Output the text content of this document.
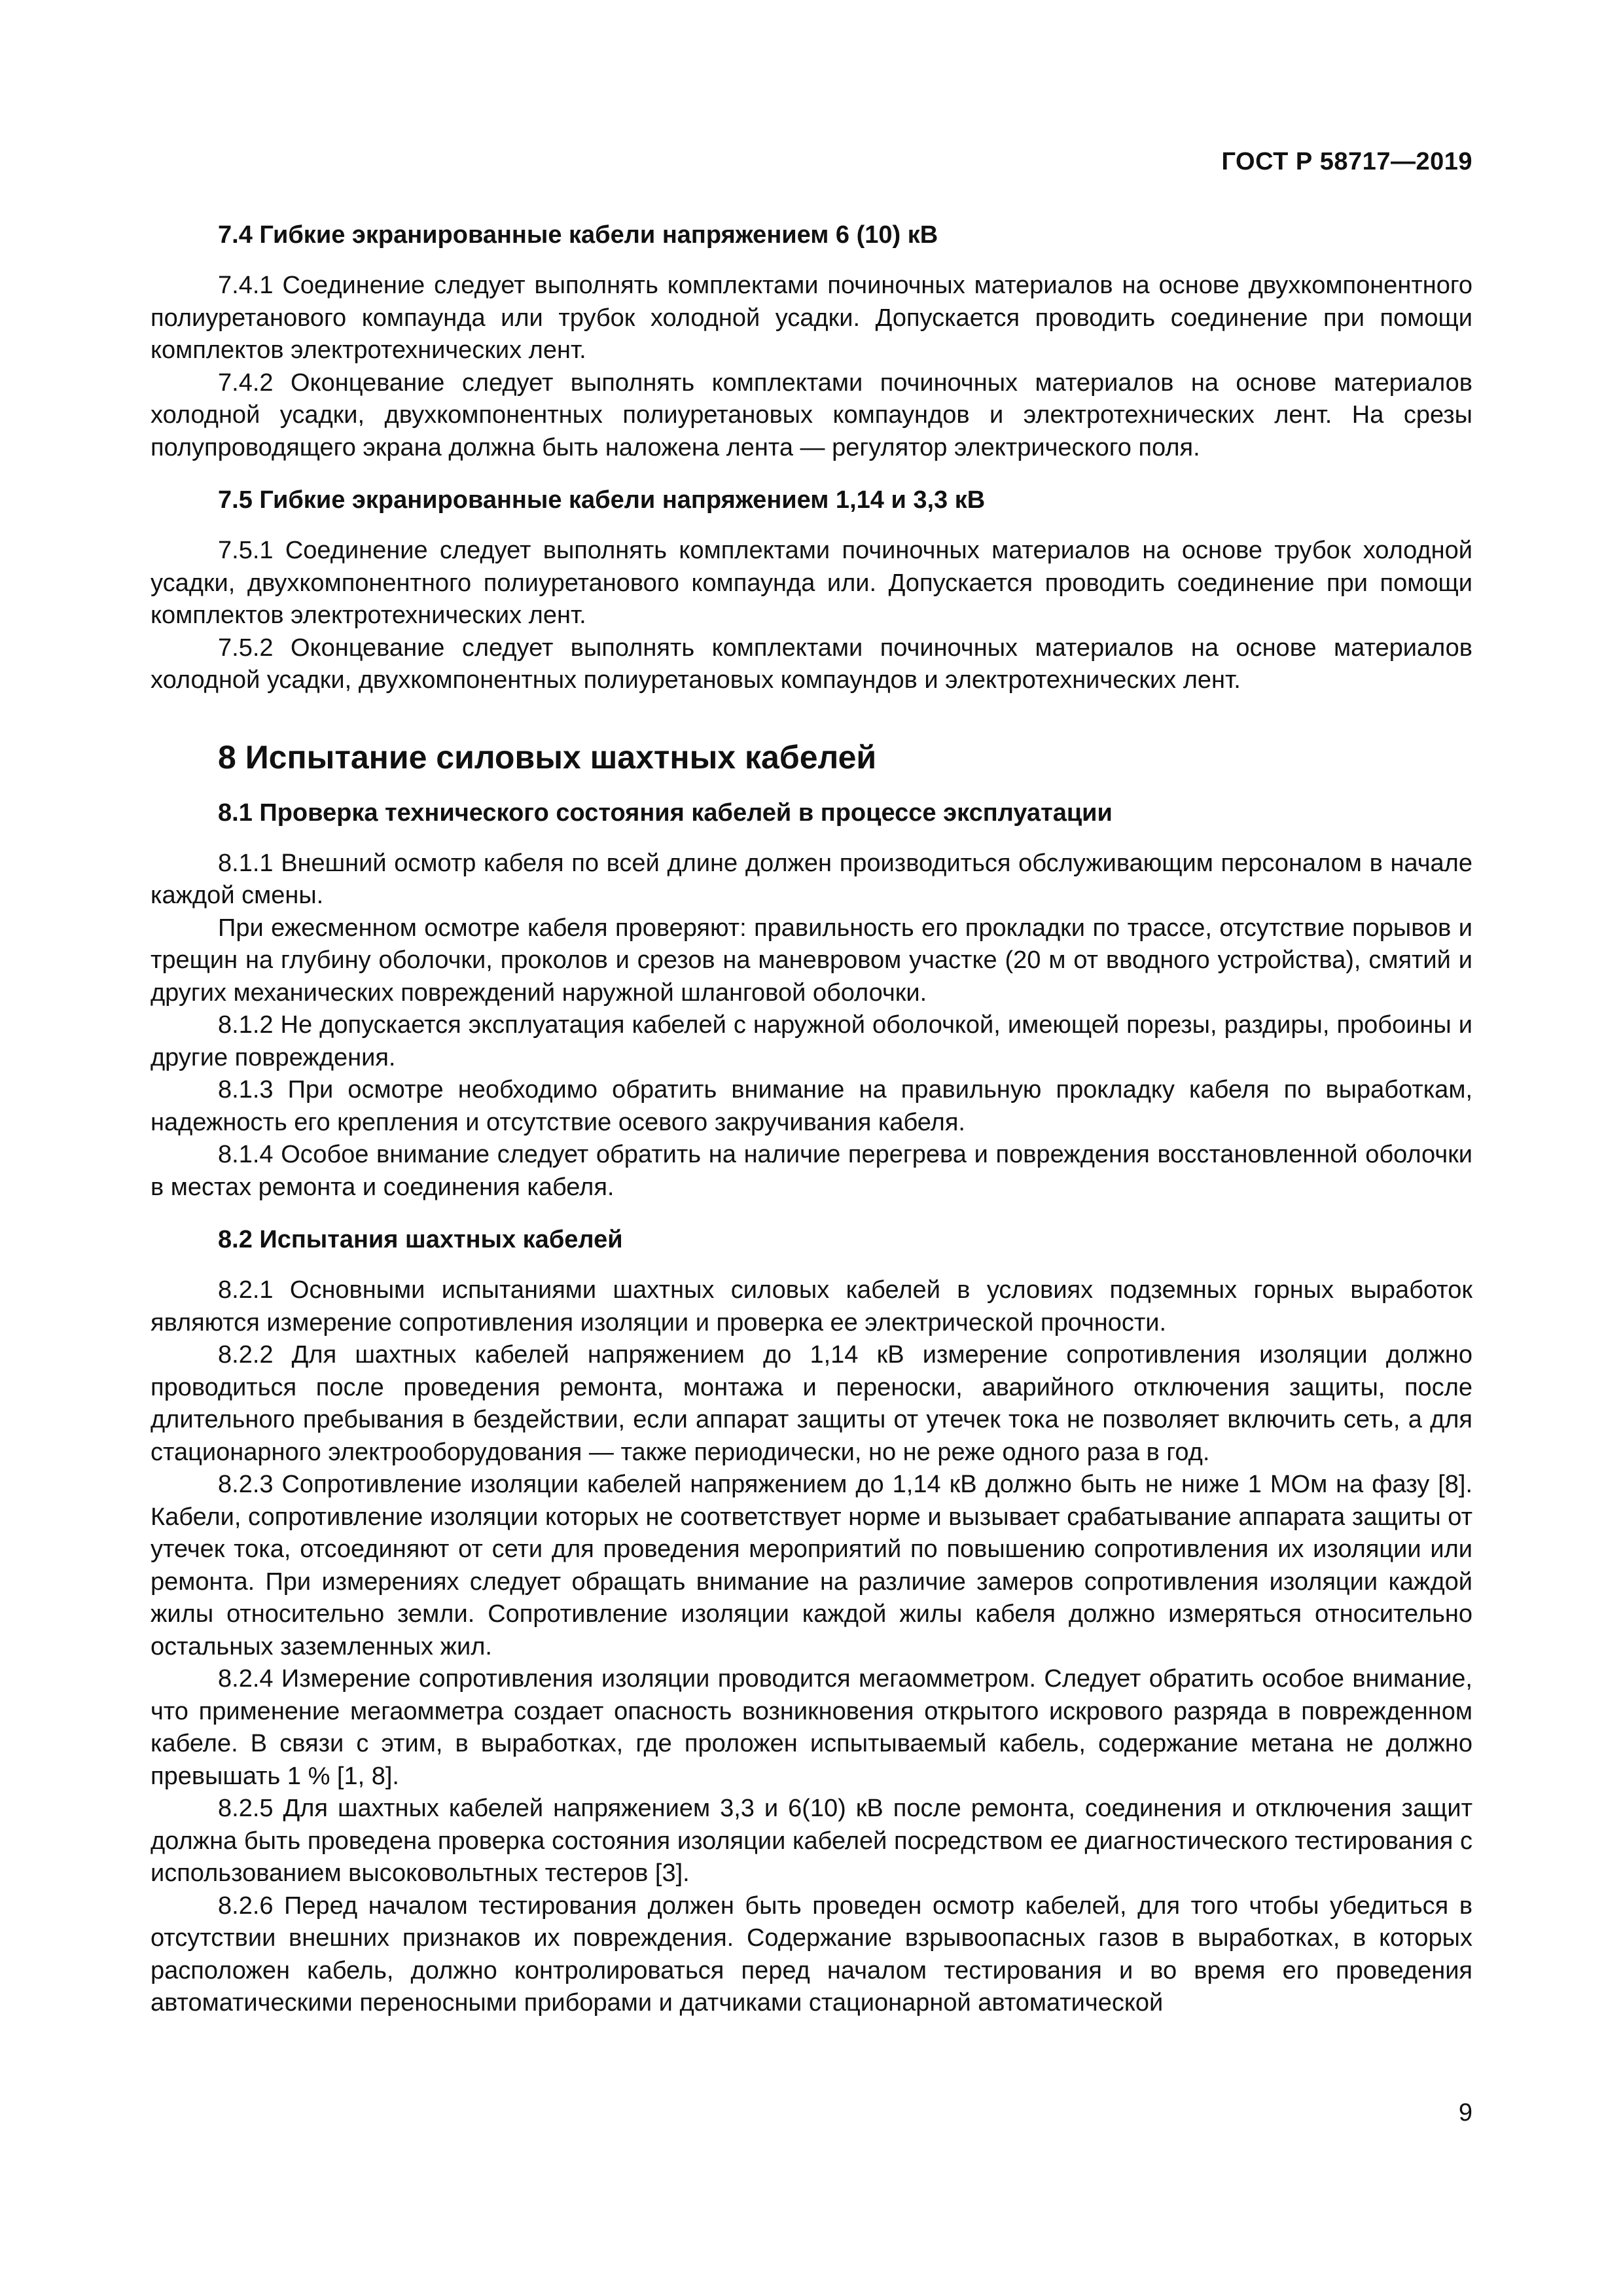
ГОСТ Р 58717—2019
7.4 Гибкие экранированные кабели напряжением 6 (10) кВ

7.4.1 Соединение следует выполнять комплектами починочных материалов на основе двухкомпонентного полиуретанового компаунда или трубок холодной усадки. Допускается проводить соединение при помощи комплектов электротехнических лент.

7.4.2 Оконцевание следует выполнять комплектами починочных материалов на основе материалов холодной усадки, двухкомпонентных полиуретановых компаундов и электротехнических лент. На срезы полупроводящего экрана должна быть наложена лента — регулятор электрического поля.

7.5 Гибкие экранированные кабели напряжением 1,14 и 3,3 кВ

7.5.1 Соединение следует выполнять комплектами починочных материалов на основе трубок холодной усадки, двухкомпонентного полиуретанового компаунда или. Допускается проводить соединение при помощи комплектов электротехнических лент.

7.5.2 Оконцевание следует выполнять комплектами починочных материалов на основе материалов холодной усадки, двухкомпонентных полиуретановых компаундов и электротехнических лент.

8 Испытание силовых шахтных кабелей
8.1 Проверка технического состояния кабелей в процессе эксплуатации

8.1.1 Внешний осмотр кабеля по всей длине должен производиться обслуживающим персоналом в начале каждой смены.

При ежесменном осмотре кабеля проверяют: правильность его прокладки по трассе, отсутствие порывов и трещин на глубину оболочки, проколов и срезов на маневровом участке (20 м от вводного устройства), смятий и других механических повреждений наружной шланговой оболочки.

8.1.2 Не допускается эксплуатация кабелей с наружной оболочкой, имеющей порезы, раздиры, пробоины и другие повреждения.

8.1.3 При осмотре необходимо обратить внимание на правильную прокладку кабеля по выработкам, надежность его крепления и отсутствие осевого закручивания кабеля.

8.1.4 Особое внимание следует обратить на наличие перегрева и повреждения восстановленной оболочки в местах ремонта и соединения кабеля.

8.2 Испытания шахтных кабелей

8.2.1 Основными испытаниями шахтных силовых кабелей в условиях подземных горных выработок являются измерение сопротивления изоляции и проверка ее электрической прочности.

8.2.2 Для шахтных кабелей напряжением до 1,14 кВ измерение сопротивления изоляции должно проводиться после проведения ремонта, монтажа и переноски, аварийного отключения защиты, после длительного пребывания в бездействии, если аппарат защиты от утечек тока не позволяет включить сеть, а для стационарного электрооборудования — также периодически, но не реже одного раза в год.

8.2.3 Сопротивление изоляции кабелей напряжением до 1,14 кВ должно быть не ниже 1 МОм на фазу [8]. Кабели, сопротивление изоляции которых не соответствует норме и вызывает срабатывание аппарата защиты от утечек тока, отсоединяют от сети для проведения мероприятий по повышению сопротивления их изоляции или ремонта. При измерениях следует обращать внимание на различие замеров сопротивления изоляции каждой жилы относительно земли. Сопротивление изоляции каждой жилы кабеля должно измеряться относительно остальных заземленных жил.

8.2.4 Измерение сопротивления изоляции проводится мегаомметром. Следует обратить особое внимание, что применение мегаомметра создает опасность возникновения открытого искрового разряда в поврежденном кабеле. В связи с этим, в выработках, где проложен испытываемый кабель, содержание метана не должно превышать 1 % [1, 8].

8.2.5 Для шахтных кабелей напряжением 3,3 и 6(10) кВ после ремонта, соединения и отключения защит должна быть проведена проверка состояния изоляции кабелей посредством ее диагностического тестирования с использованием высоковольтных тестеров [3].

8.2.6 Перед началом тестирования должен быть проведен осмотр кабелей, для того чтобы убедиться в отсутствии внешних признаков их повреждения. Содержание взрывоопасных газов в выработках, в которых расположен кабель, должно контролироваться перед началом тестирования и во время его проведения автоматическими переносными приборами и датчиками стационарной автоматической

9
